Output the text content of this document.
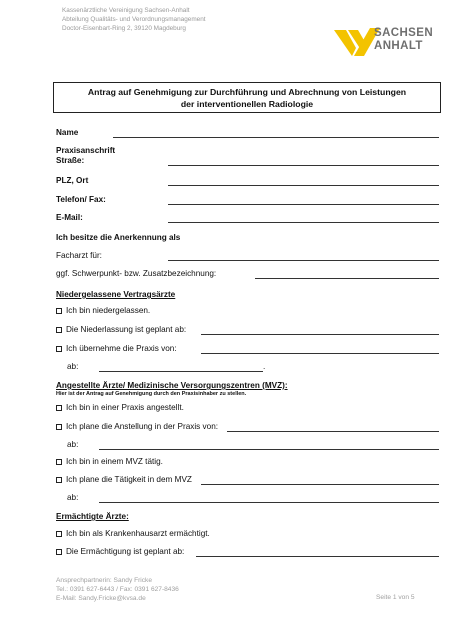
Kassenärztliche Vereinigung Sachsen-Anhalt
Abteilung Qualitäts- und Verordnungsmanagement
Doctor-Eisenbart-Ring 2, 39120 Magdeburg	SACHSEN
ANHALT
Antrag auf Genehmigung zur Durchführung und Abrechnung von Leistungen
der interventionellen Radiologie
Name
Praxisanschrift
Straße:
PLZ, Ort
Telefon/ Fax:
E-Mail:
Ich besitze die Anerkennung als
Facharzt für:
ggf. Schwerpunkt- bzw. Zusatzbezeichnung:
Niedergelassene Vertragsärzte
Ich bin niedergelassen.
Die Niederlassung ist geplant ab:
Ich übernehme die Praxis von:
ab:	.
Angestellte Ärzte/ Medizinische Versorgungszentren (MVZ):
Hier ist der Antrag auf Genehmigung durch den Praxisinhaber zu stellen.
Ich bin in einer Praxis angestellt.
Ich plane die Anstellung in der Praxis von:
ab:
Ich bin in einem MVZ tätig.
Ich plane die Tätigkeit in dem MVZ
ab:
Ermächtigte Ärzte:
Ich bin als Krankenhausarzt ermächtigt.
Die Ermächtigung ist geplant ab:
Ansprechpartnerin: Sandy Fricke
Tel.: 0391 627-6443 / Fax: 0391 627-8436
E-Mail: Sandy.Fricke@kvsa.de	Seite 1 von 5
